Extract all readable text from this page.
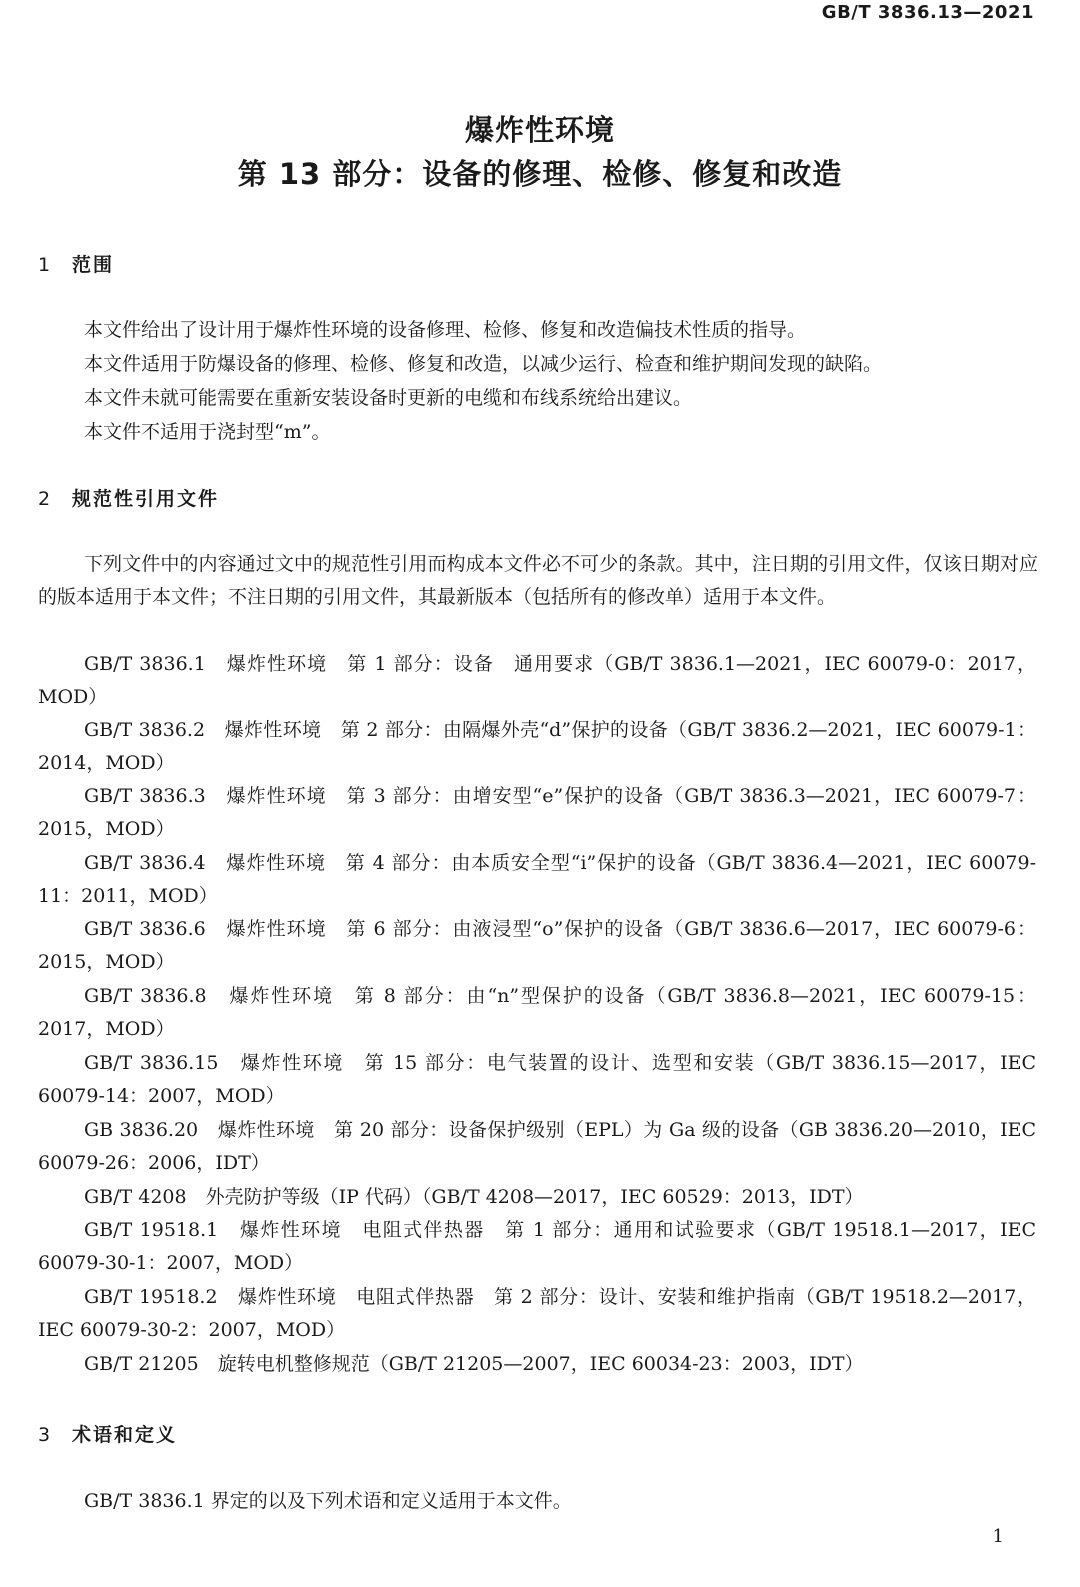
GB/T 3836.13—2021
爆炸性环境
第 13 部分：设备的修理、检修、修复和改造
1 范围
本文件给出了设计用于爆炸性环境的设备修理、检修、修复和改造偏技术性质的指导。
本文件适用于防爆设备的修理、检修、修复和改造，以减少运行、检查和维护期间发现的缺陷。
本文件未就可能需要在重新安装设备时更新的电缆和布线系统给出建议。
本文件不适用于浇封型“m”。
2 规范性引用文件
下列文件中的内容通过文中的规范性引用而构成本文件必不可少的条款。其中，注日期的引用文件，仅该日期对应的版本适用于本文件；不注日期的引用文件，其最新版本（包括所有的修改单）适用于本文件。
GB/T 3836.1　爆炸性环境　第 1 部分：设备　通用要求（GB/T 3836.1—2021，IEC 60079-0：2017，MOD）
GB/T 3836.2　爆炸性环境　第 2 部分：由隔爆外壳“d”保护的设备（GB/T 3836.2—2021，IEC 60079-1：2014，MOD）
GB/T 3836.3　爆炸性环境　第 3 部分：由增安型“e”保护的设备（GB/T 3836.3—2021，IEC 60079-7：2015，MOD）
GB/T 3836.4　爆炸性环境　第 4 部分：由本质安全型“i”保护的设备（GB/T 3836.4—2021，IEC 60079-11：2011，MOD）
GB/T 3836.6　爆炸性环境　第 6 部分：由液浸型“o”保护的设备（GB/T 3836.6—2017，IEC 60079-6：2015，MOD）
GB/T 3836.8　爆炸性环境　第 8 部分：由“n”型保护的设备（GB/T 3836.8—2021，IEC 60079-15：2017，MOD）
GB/T 3836.15　爆炸性环境　第 15 部分：电气装置的设计、选型和安装（GB/T 3836.15—2017，IEC 60079-14：2007，MOD）
GB 3836.20　爆炸性环境　第 20 部分：设备保护级别（EPL）为 Ga 级的设备（GB 3836.20—2010，IEC 60079-26：2006，IDT）
GB/T 4208　外壳防护等级（IP 代码）（GB/T 4208—2017，IEC 60529：2013，IDT）
GB/T 19518.1　爆炸性环境　电阻式伴热器　第 1 部分：通用和试验要求（GB/T 19518.1—2017，IEC 60079-30-1：2007，MOD）
GB/T 19518.2　爆炸性环境　电阻式伴热器　第 2 部分：设计、安装和维护指南（GB/T 19518.2—2017，IEC 60079-30-2：2007，MOD）
GB/T 21205　旋转电机整修规范（GB/T 21205—2007，IEC 60034-23：2003，IDT）
3 术语和定义
GB/T 3836.1 界定的以及下列术语和定义适用于本文件。
1
